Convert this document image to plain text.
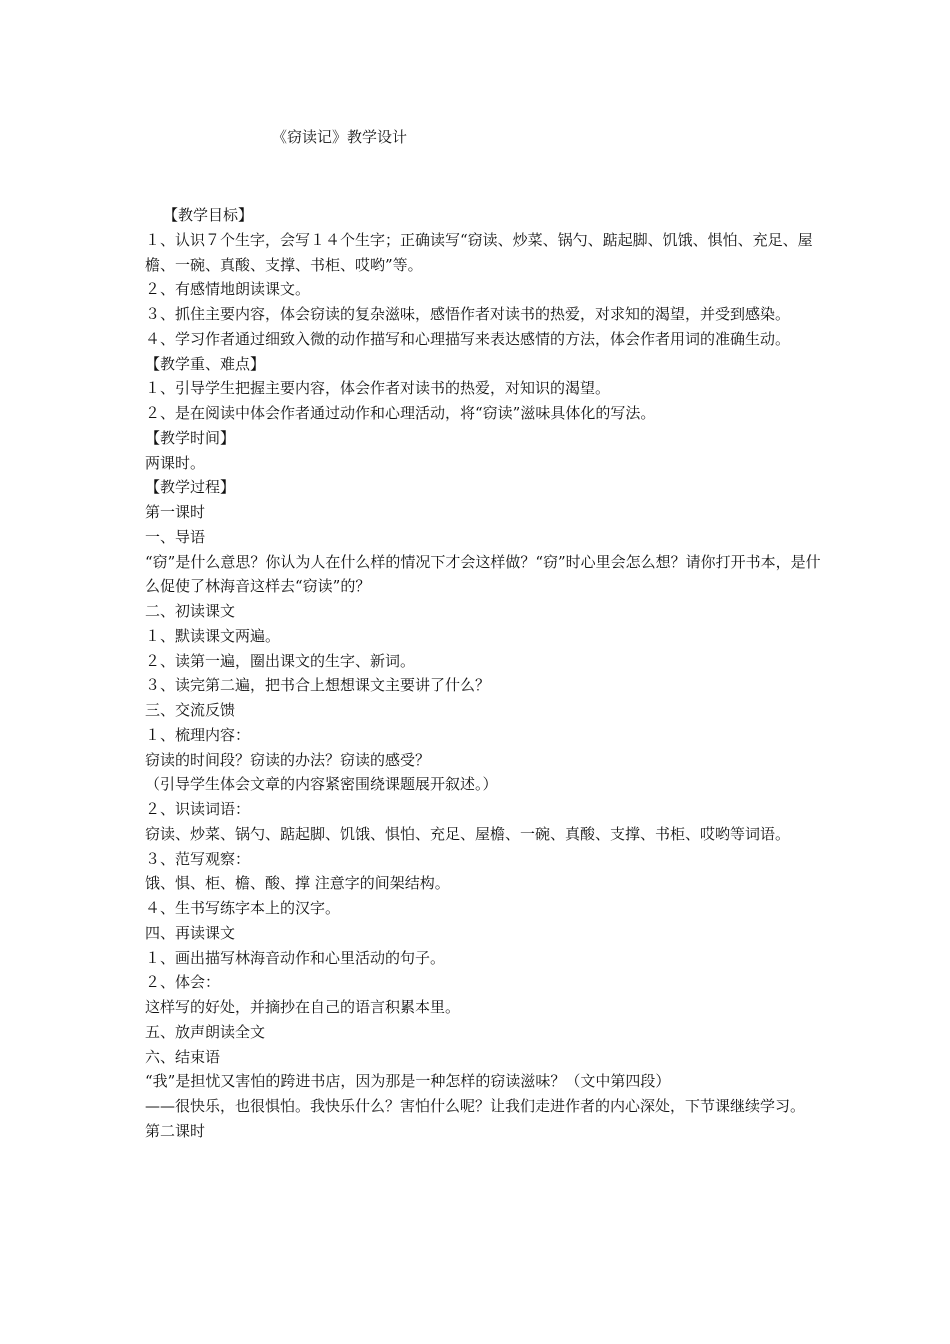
《窃读记》教学设计
【教学目标】
１、认识７个生字，会写１４个生字；正确读写“窃读、炒菜、锅勺、踮起脚、饥饿、惧怕、充足、屋檐、一碗、真酸、支撑、书柜、哎哟”等。
２、有感情地朗读课文。
３、抓住主要内容，体会窃读的复杂滋味，感悟作者对读书的热爱，对求知的渴望，并受到感染。
４、学习作者通过细致入微的动作描写和心理描写来表达感情的方法，体会作者用词的准确生动。
【教学重、难点】
１、引导学生把握主要内容，体会作者对读书的热爱，对知识的渴望。
２、是在阅读中体会作者通过动作和心理活动，将“窃读”滋味具体化的写法。
【教学时间】
两课时。
【教学过程】
第一课时
一、导语
“窃”是什么意思？你认为人在什么样的情况下才会这样做？“窃”时心里会怎么想？请你打开书本，是什么促使了林海音这样去“窃读”的？
二、初读课文
１、默读课文两遍。
２、读第一遍，圈出课文的生字、新词。
３、读完第二遍，把书合上想想课文主要讲了什么？
三、交流反馈
１、梳理内容：
窃读的时间段？窃读的办法？窃读的感受？
（引导学生体会文章的内容紧密围绕课题展开叙述。）
２、识读词语：
窃读、炒菜、锅勺、踮起脚、饥饿、惧怕、充足、屋檐、一碗、真酸、支撑、书柜、哎哟等词语。
３、范写观察：
饿、惧、柜、檐、酸、撑 注意字的间架结构。
４、生书写练字本上的汉字。
四、再读课文
１、画出描写林海音动作和心里活动的句子。
２、体会：
这样写的好处，并摘抄在自己的语言积累本里。
五、放声朗读全文
六、结束语
“我”是担忧又害怕的跨进书店，因为那是一种怎样的窃读滋味？（文中第四段）
——很快乐，也很惧怕。我快乐什么？害怕什么呢？让我们走进作者的内心深处，下节课继续学习。
第二课时
